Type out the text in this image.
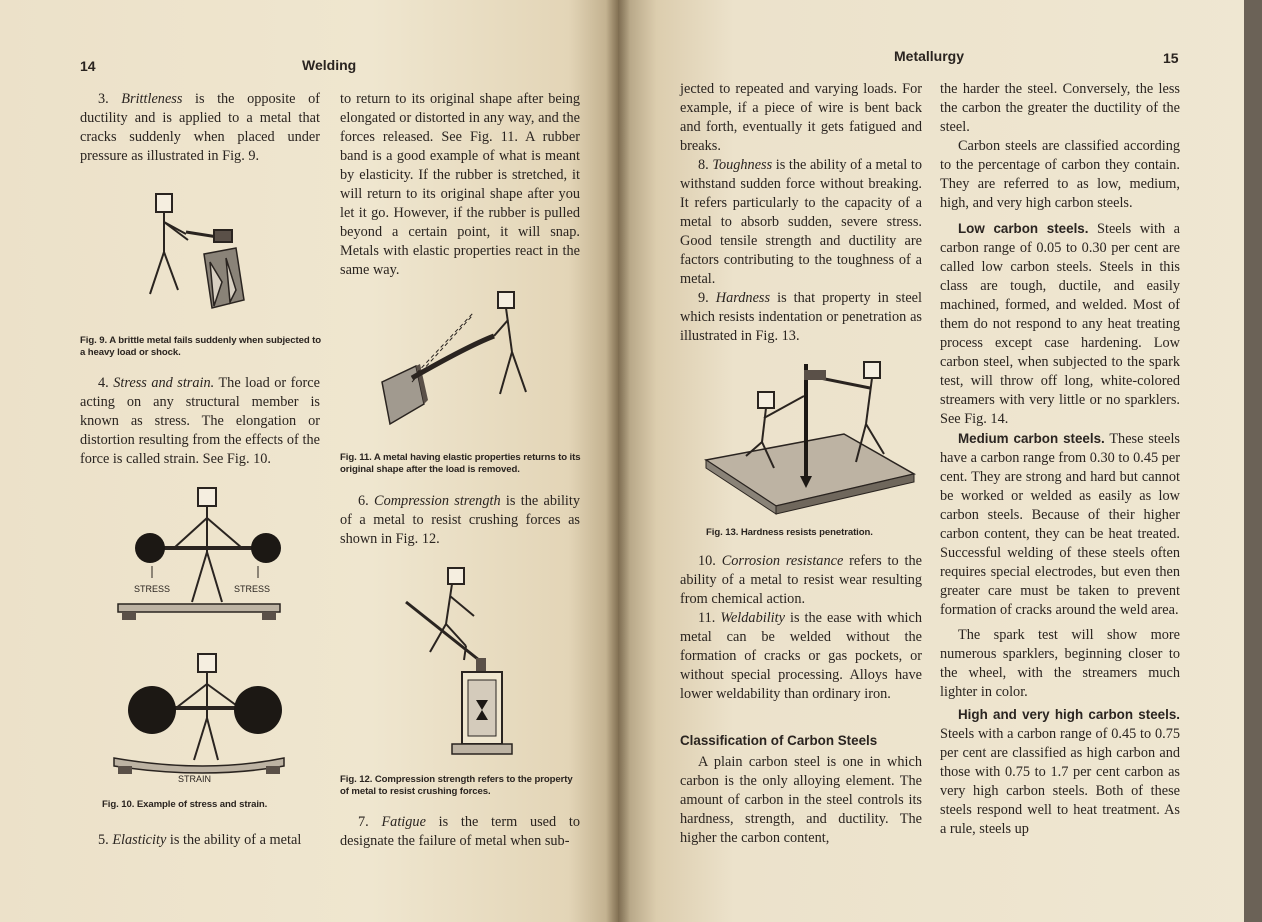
14	Welding

3. Brittleness is the opposite of ductility and is applied to a metal that cracks suddenly when placed under pressure as illustrated in Fig. 9.

Fig. 9. A brittle metal fails suddenly when subjected to a heavy load or shock.

4. Stress and strain. The load or force acting on any structural member is known as stress. The elongation or distortion resulting from the effects of the force is called strain. See Fig. 10.

STRESS	STRESS
STRAIN
Fig. 10. Example of stress and strain.

5. Elasticity is the ability of a metal

to return to its original shape after being elongated or distorted in any way, and the forces released. See Fig. 11. A rubber band is a good example of what is meant by elasticity. If the rubber is stretched, it will return to its original shape after you let it go. However, if the rubber is pulled beyond a certain point, it will snap. Metals with elastic properties react in the same way.

Fig. 11. A metal having elastic properties returns to its original shape after the load is removed.

6. Compression strength is the ability of a metal to resist crushing forces as shown in Fig. 12.

Fig. 12. Compression strength refers to the property of metal to resist crushing forces.

7. Fatigue is the term used to designate the failure of metal when sub-

Metallurgy	15

jected to repeated and varying loads. For example, if a piece of wire is bent back and forth, eventually it gets fatigued and breaks.

8. Toughness is the ability of a metal to withstand sudden force without breaking. It refers particularly to the capacity of a metal to absorb sudden, severe stress. Good tensile strength and ductility are factors contributing to the toughness of a metal.

9. Hardness is that property in steel which resists indentation or penetration as illustrated in Fig. 13.

Fig. 13. Hardness resists penetration.

10. Corrosion resistance refers to the ability of a metal to resist wear resulting from chemical action.

11. Weldability is the ease with which metal can be welded without the formation of cracks or gas pockets, or without special processing. Alloys have lower weldability than ordinary iron.

Classification of Carbon Steels

A plain carbon steel is one in which carbon is the only alloying element. The amount of carbon in the steel controls its hardness, strength, and ductility. The higher the carbon content,

the harder the steel. Conversely, the less the carbon the greater the ductility of the steel.

Carbon steels are classified according to the percentage of carbon they contain. They are referred to as low, medium, high, and very high carbon steels.

Low carbon steels. Steels with a carbon range of 0.05 to 0.30 per cent are called low carbon steels. Steels in this class are tough, ductile, and easily machined, formed, and welded. Most of them do not respond to any heat treating process except case hardening. Low carbon steel, when subjected to the spark test, will throw off long, white-colored streamers with very little or no sparklers. See Fig. 14.

Medium carbon steels. These steels have a carbon range from 0.30 to 0.45 per cent. They are strong and hard but cannot be worked or welded as easily as low carbon steels. Because of their higher carbon content, they can be heat treated. Successful welding of these steels often requires special electrodes, but even then greater care must be taken to prevent formation of cracks around the weld area.

The spark test will show more numerous sparklers, beginning closer to the wheel, with the streamers much lighter in color.

High and very high carbon steels. Steels with a carbon range of 0.45 to 0.75 per cent are classified as high carbon and those with 0.75 to 1.7 per cent carbon as very high carbon steels. Both of these steels respond well to heat treatment. As a rule, steels up
